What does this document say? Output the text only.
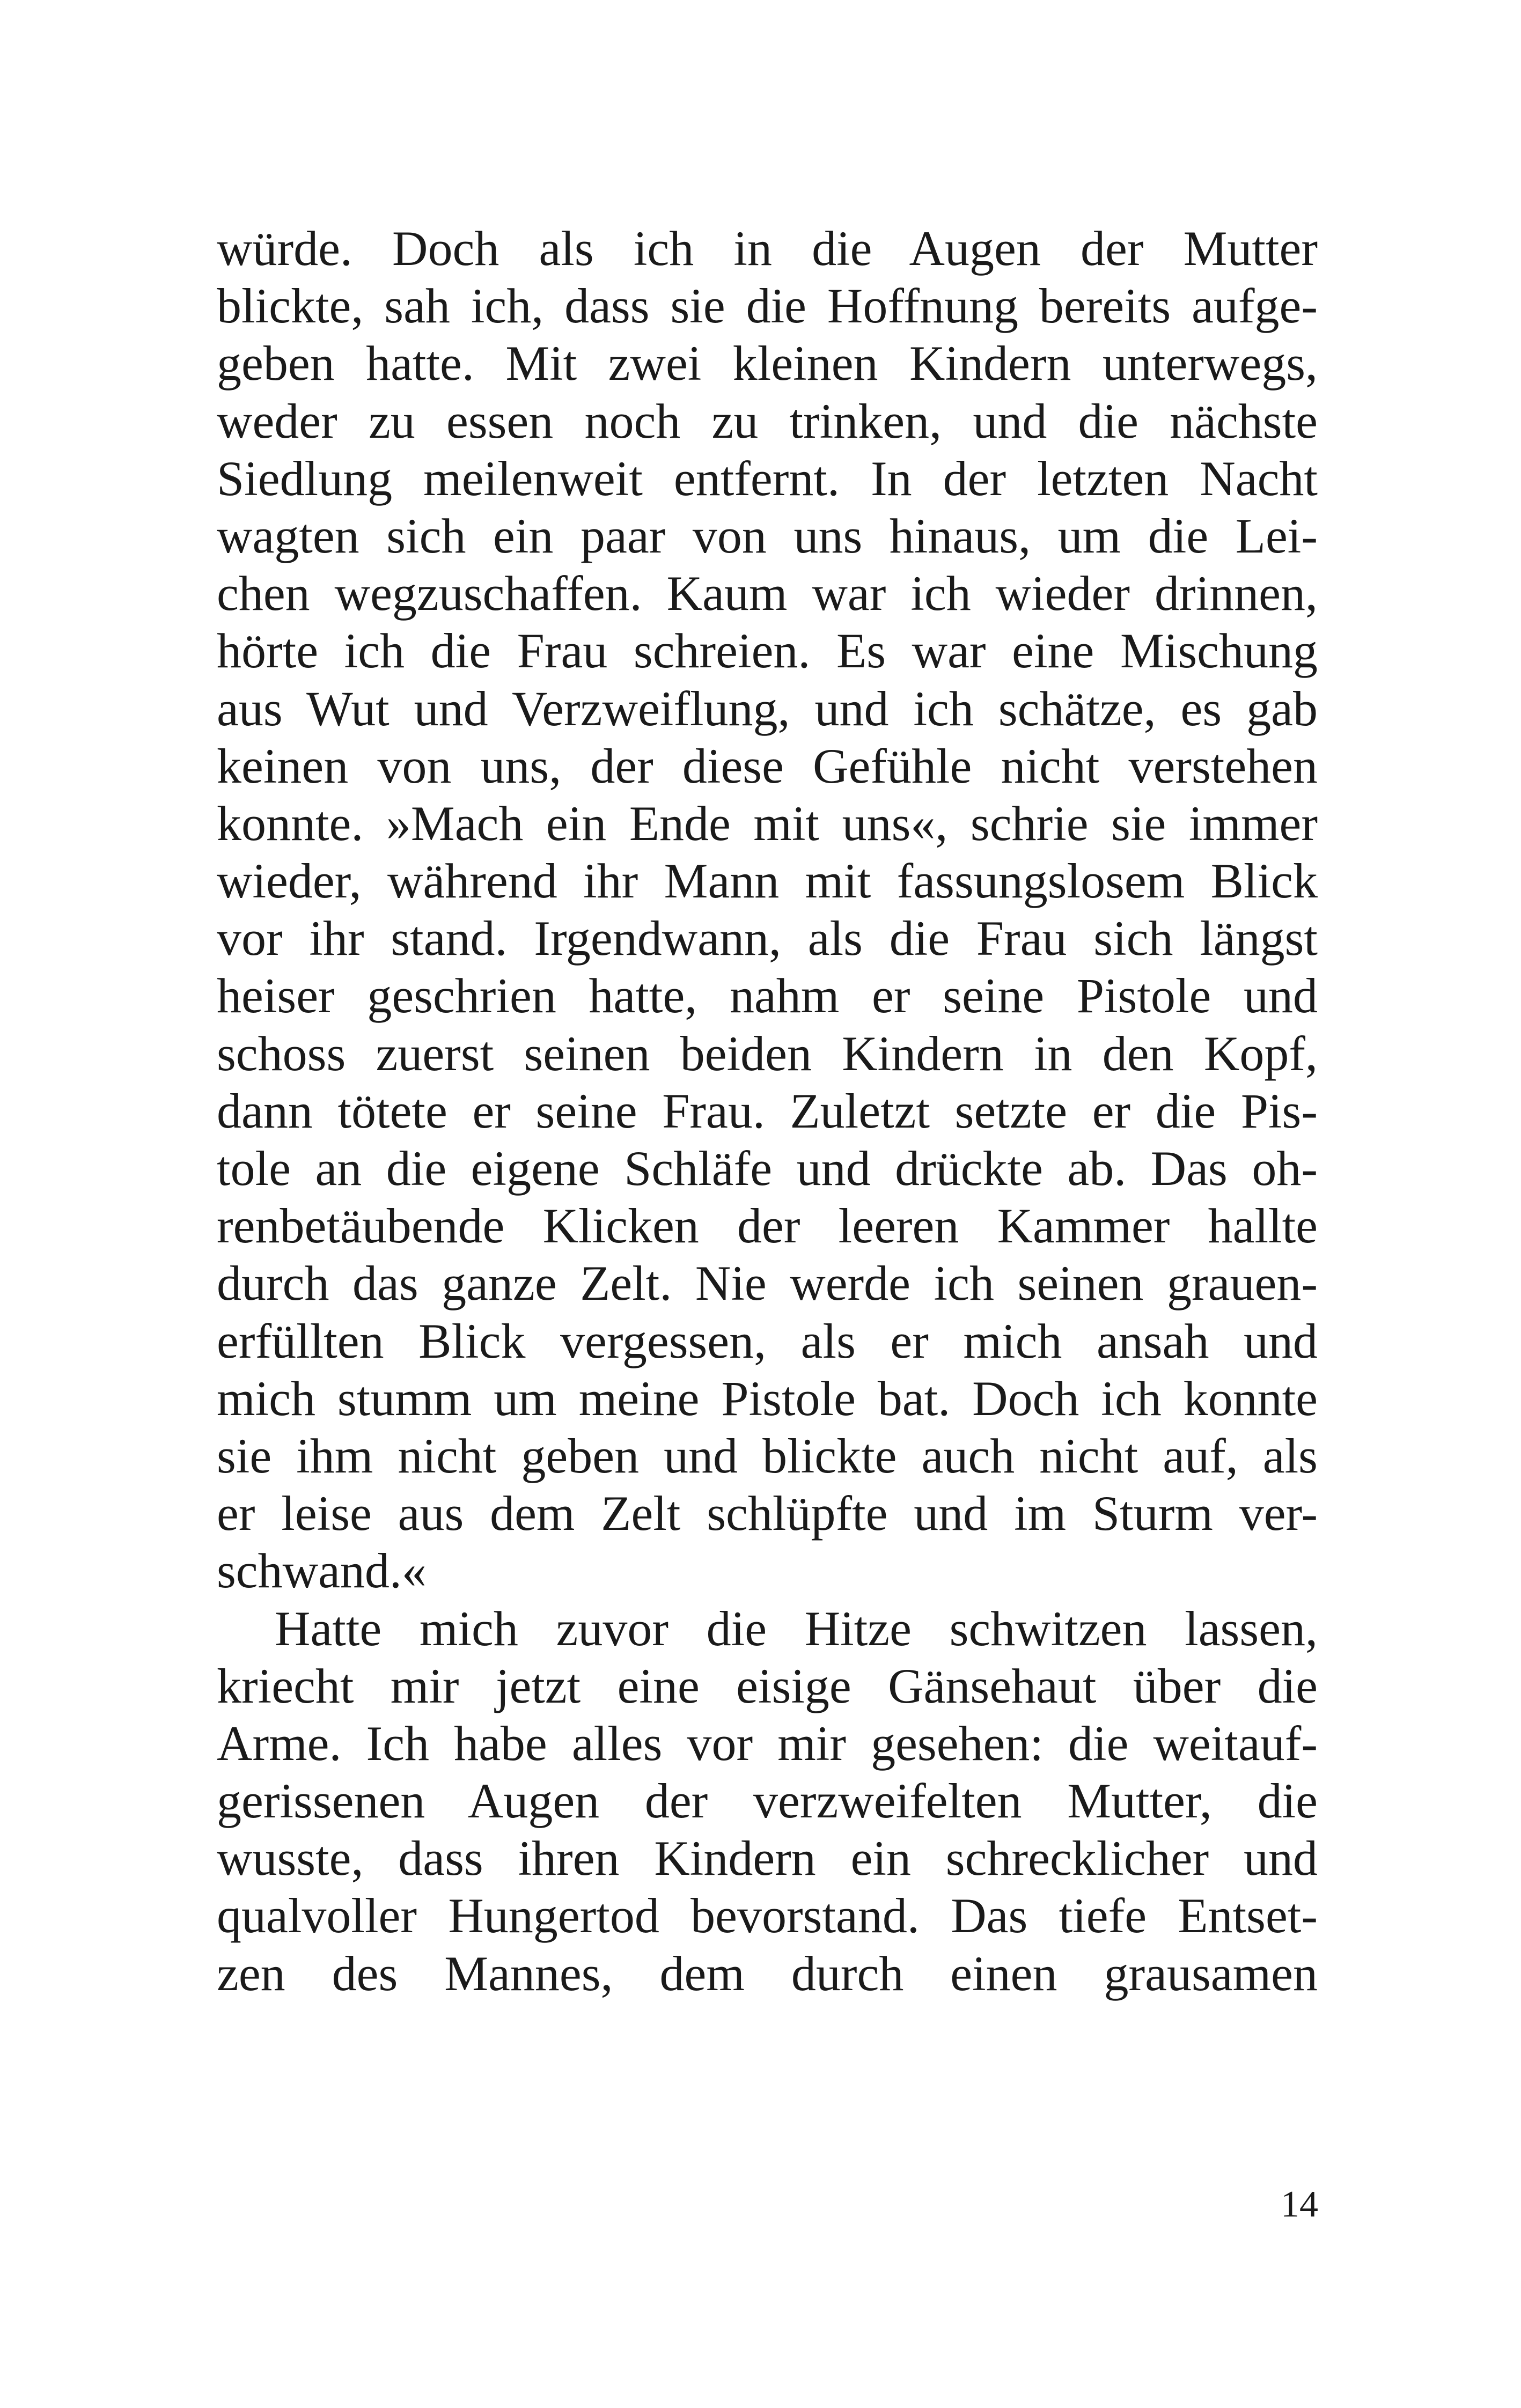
würde. Doch als ich in die Augen der Mutter
blickte, sah ich, dass sie die Hoffnung bereits aufge-
geben hatte. Mit zwei kleinen Kindern unterwegs,
weder zu essen noch zu trinken, und die nächste
Siedlung meilenweit entfernt. In der letzten Nacht
wagten sich ein paar von uns hinaus, um die Lei-
chen wegzuschaffen. Kaum war ich wieder drinnen,
hörte ich die Frau schreien. Es war eine Mischung
aus Wut und Verzweiflung, und ich schätze, es gab
keinen von uns, der diese Gefühle nicht verstehen
konnte. »Mach ein Ende mit uns«, schrie sie immer
wieder, während ihr Mann mit fassungslosem Blick
vor ihr stand. Irgendwann, als die Frau sich längst
heiser geschrien hatte, nahm er seine Pistole und
schoss zuerst seinen beiden Kindern in den Kopf,
dann tötete er seine Frau. Zuletzt setzte er die Pis-
tole an die eigene Schläfe und drückte ab. Das oh-
renbetäubende Klicken der leeren Kammer hallte
durch das ganze Zelt. Nie werde ich seinen grauen-
erfüllten Blick vergessen, als er mich ansah und
mich stumm um meine Pistole bat. Doch ich konnte
sie ihm nicht geben und blickte auch nicht auf, als
er leise aus dem Zelt schlüpfte und im Sturm ver-
schwand.«
Hatte mich zuvor die Hitze schwitzen lassen,
kriecht mir jetzt eine eisige Gänsehaut über die
Arme. Ich habe alles vor mir gesehen: die weitauf-
gerissenen Augen der verzweifelten Mutter, die
wusste, dass ihren Kindern ein schrecklicher und
qualvoller Hungertod bevorstand. Das tiefe Entset-
zen des Mannes, dem durch einen grausamen
14
